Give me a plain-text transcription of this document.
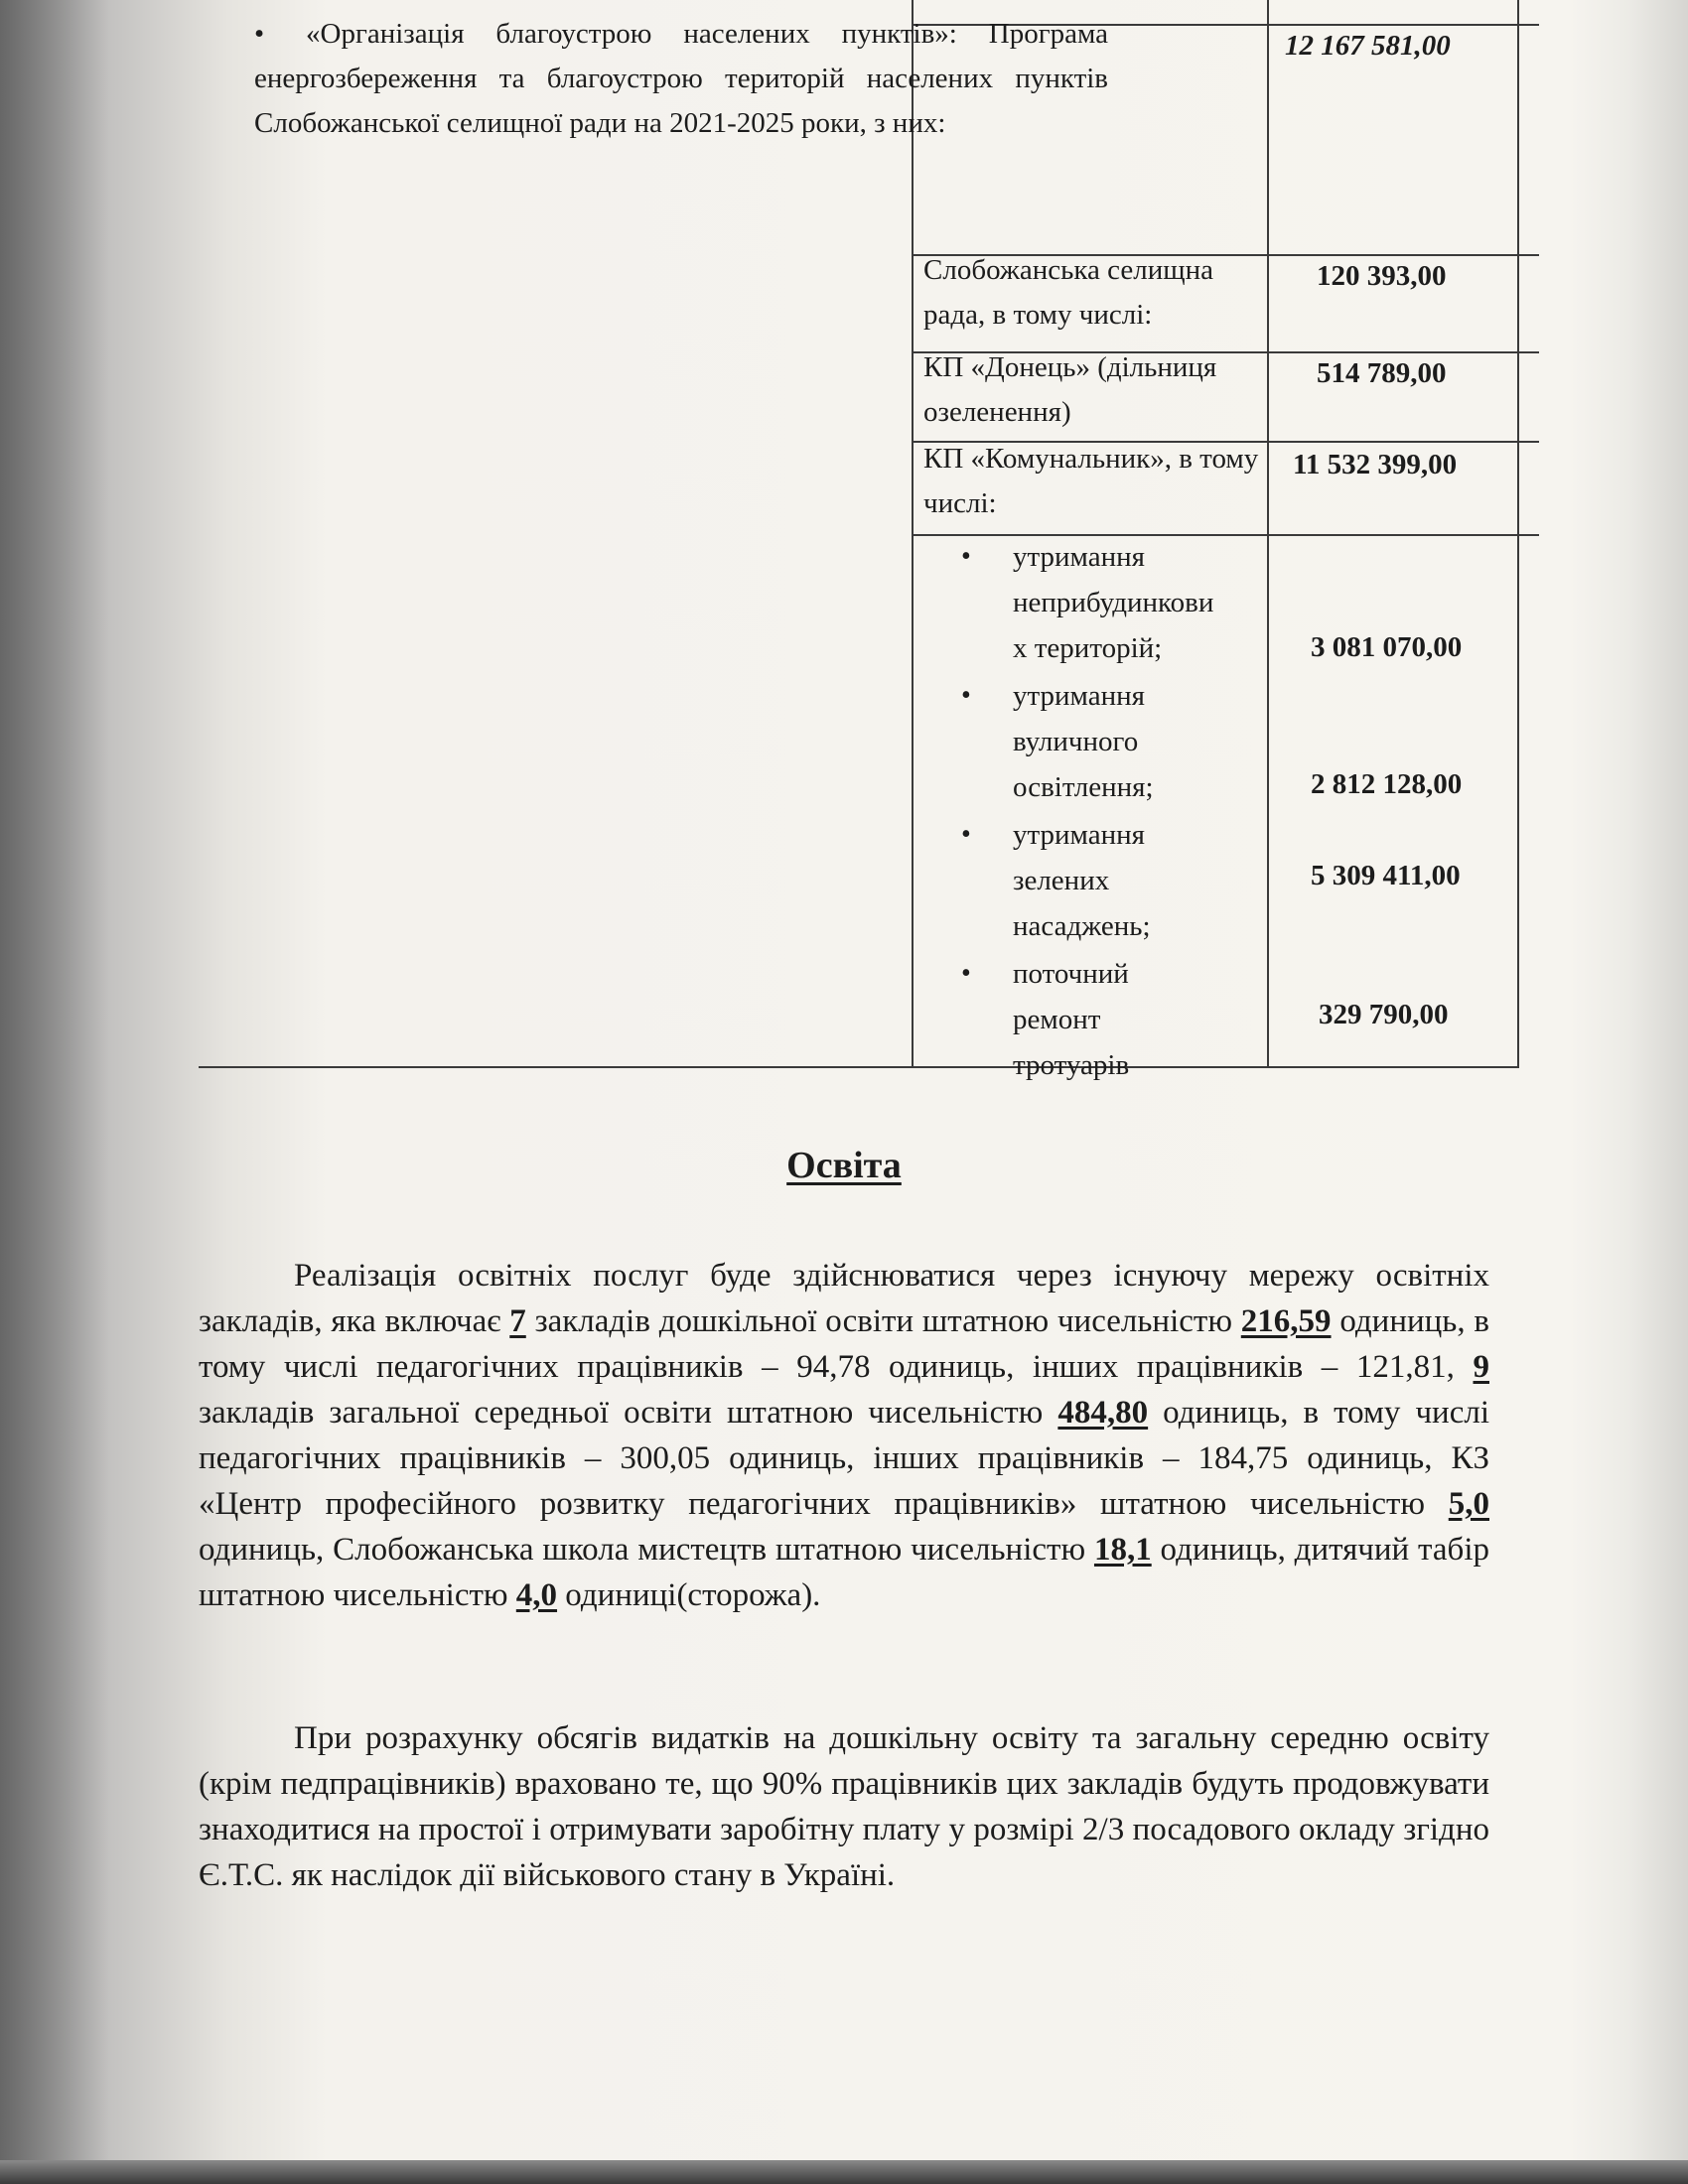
• «Організація благоустрою населених пунктів»: Програма енергозбереження та благоустрою територій населених пунктів Слобожанської селищної ради на 2021-2025 роки, з них:
12 167 581,00
Слобожанська селищна рада, в тому числі:
120 393,00
КП «Донець» (дільниця озеленення)
514 789,00
КП «Комунальник», в тому числі:
11 532 399,00
• утримання
неприбудинкови
х територій;	3 081 070,00
• утримання
вуличного
освітлення;	2 812 128,00
• утримання
зелених
насаджень;
5 309 411,00
• поточний
ремонт
тротуарів
329 790,00
Освіта
Реалізація освітніх послуг буде здійснюватися через існуючу мережу освітніх закладів, яка включає 7 закладів дошкільної освіти штатною чисельністю 216,59 одиниць, в тому числі педагогічних працівників – 94,78 одиниць, інших працівників – 121,81, 9 закладів загальної середньої освіти штатною чисельністю 484,80 одиниць, в тому числі педагогічних працівників – 300,05 одиниць, інших працівників – 184,75 одиниць, КЗ «Центр професійного розвитку педагогічних працівників» штатною чисельністю 5,0 одиниць, Слобожанська школа мистецтв штатною чисельністю 18,1 одиниць, дитячий табір штатною чисельністю 4,0 одиниці(сторожа).
При розрахунку обсягів видатків на дошкільну освіту та загальну середню освіту (крім педпрацівників) враховано те, що 90% працівників цих закладів будуть продовжувати знаходитися на простої і отримувати заробітну плату у розмірі 2/3 посадового окладу згідно Є.Т.С. як наслідок дії військового стану в Україні.
